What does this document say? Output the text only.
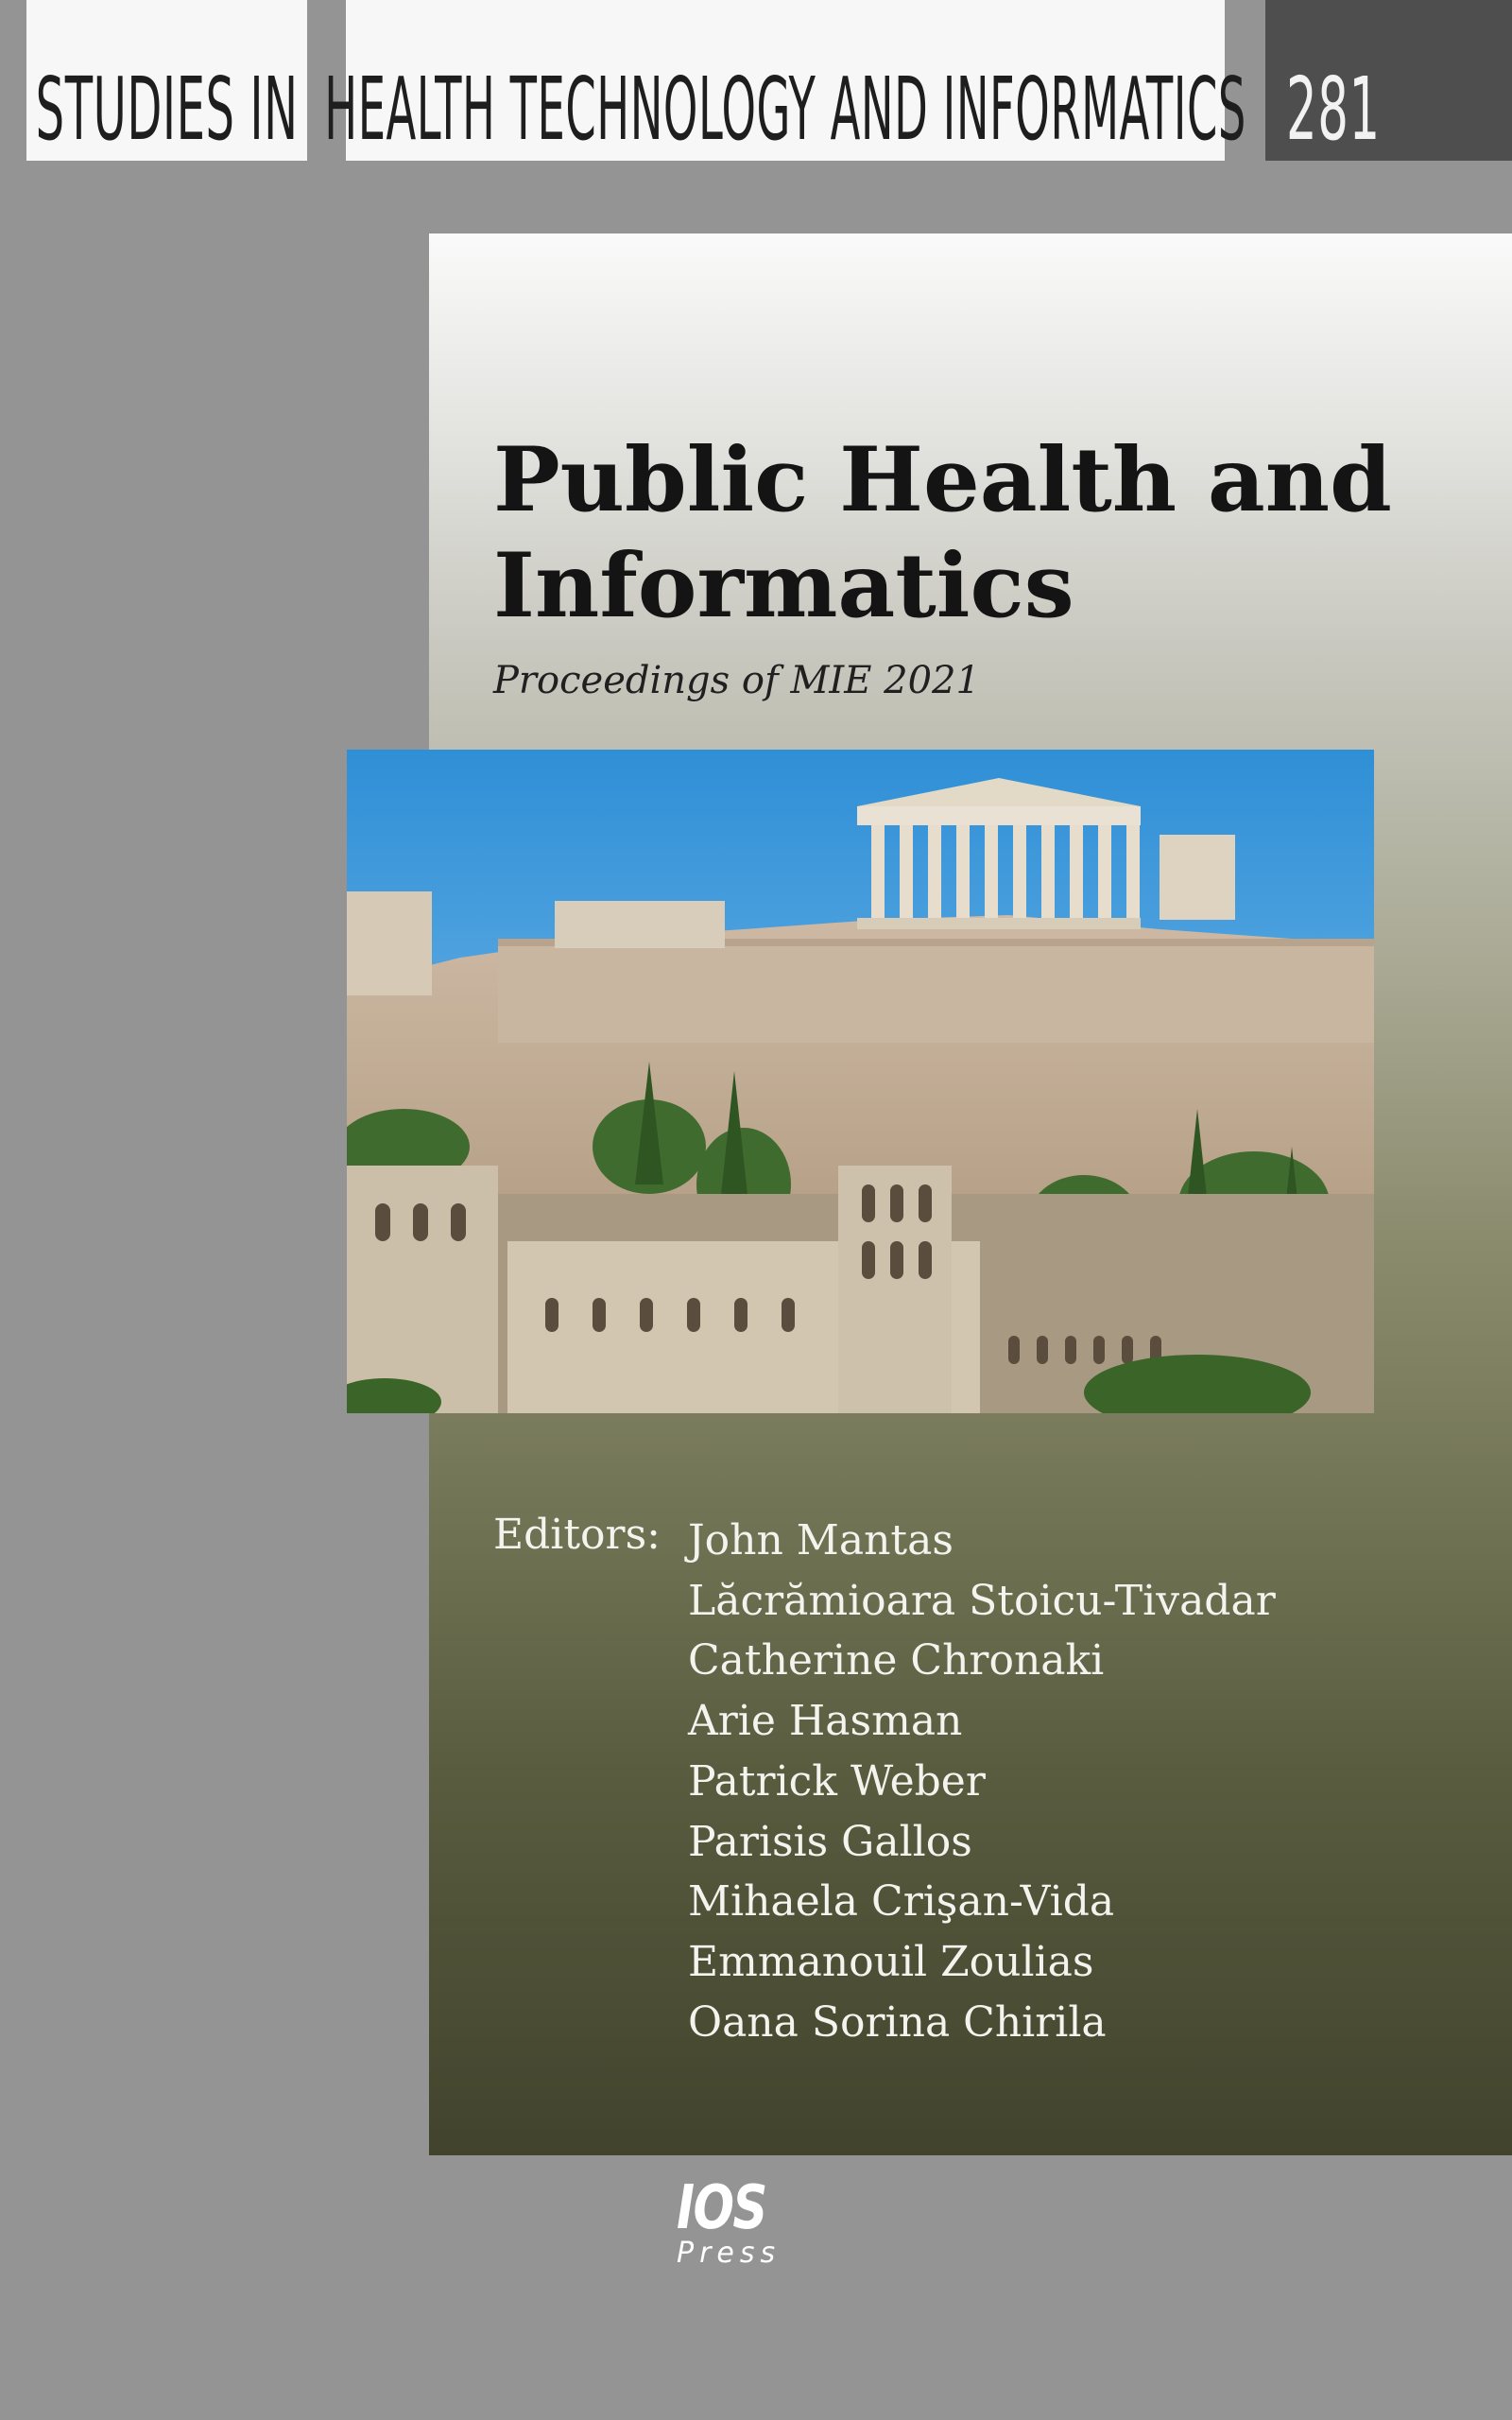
STUDIES IN HEALTH TECHNOLOGY AND INFORMATICS 281
Public Health and
Informatics

Proceedings of MIE 2021

Editors: John Mantas
Lăcrămioara Stoicu-Tivadar
Catherine Chronaki
Arie Hasman
Patrick Weber
Parisis Gallos
Mihaela Crişan-Vida
Emmanouil Zoulias
Oana Sorina Chirila
IOS
Press
